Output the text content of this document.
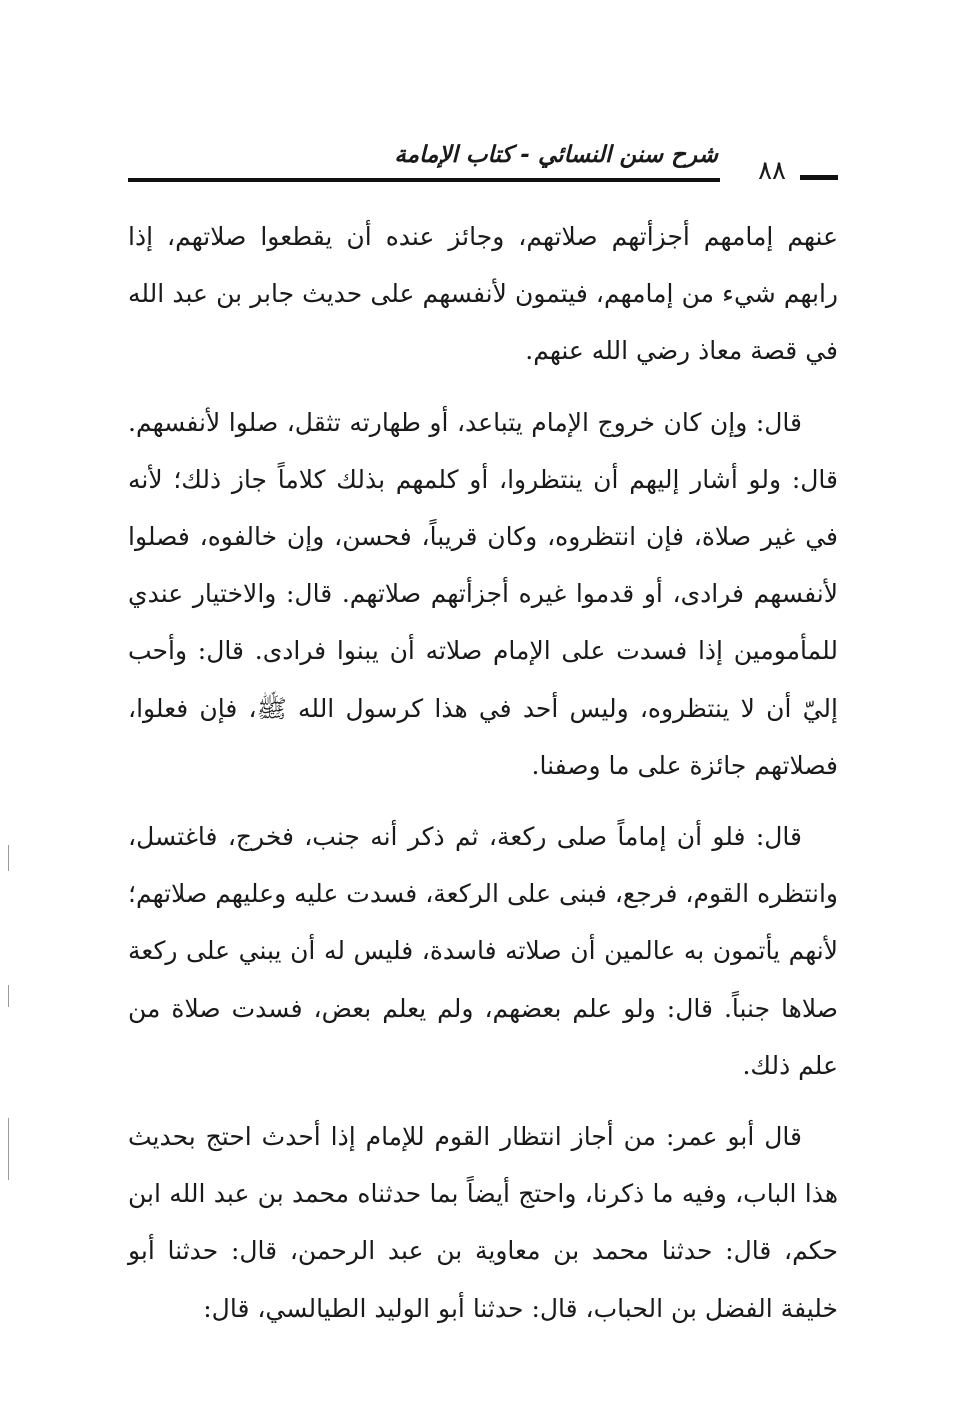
شرح سنن النسائي - كتاب الإمامة
٨٨

عنهم إمامهم أجزأتهم صلاتهم، وجائز عنده أن يقطعوا صلاتهم، إذا رابهم شيء من إمامهم، فيتمون لأنفسهم على حديث جابر بن عبد الله في قصة معاذ رضي الله عنهم.

قال: وإن كان خروج الإمام يتباعد، أو طهارته تثقل، صلوا لأنفسهم. قال: ولو أشار إليهم أن ينتظروا، أو كلمهم بذلك كلاماً جاز ذلك؛ لأنه في غير صلاة، فإن انتظروه، وكان قريباً، فحسن، وإن خالفوه، فصلوا لأنفسهم فرادى، أو قدموا غيره أجزأتهم صلاتهم. قال: والاختيار عندي للمأمومين إذا فسدت على الإمام صلاته أن يبنوا فرادى. قال: وأحب إليّ أن لا ينتظروه، وليس أحد في هذا كرسول الله ﷺ، فإن فعلوا، فصلاتهم جائزة على ما وصفنا.

قال: فلو أن إماماً صلى ركعة، ثم ذكر أنه جنب، فخرج، فاغتسل، وانتظره القوم، فرجع، فبنى على الركعة، فسدت عليه وعليهم صلاتهم؛ لأنهم يأتمون به عالمين أن صلاته فاسدة، فليس له أن يبني على ركعة صلاها جنباً. قال: ولو علم بعضهم، ولم يعلم بعض، فسدت صلاة من علم ذلك.

قال أبو عمر: من أجاز انتظار القوم للإمام إذا أحدث احتج بحديث هذا الباب، وفيه ما ذكرنا، واحتج أيضاً بما حدثناه محمد بن عبد الله ابن حكم، قال: حدثنا محمد بن معاوية بن عبد الرحمن، قال: حدثنا أبو خليفة الفضل بن الحباب، قال: حدثنا أبو الوليد الطيالسي، قال:
